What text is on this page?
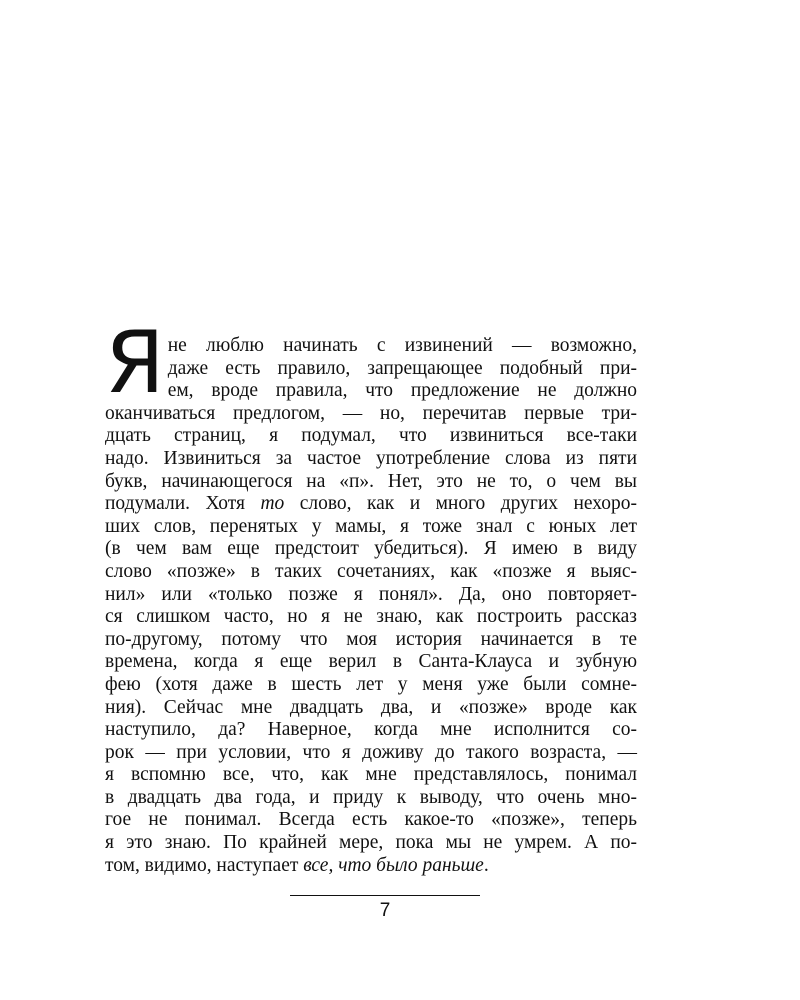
Я не люблю начинать с извинений — возможно,
даже есть правило, запрещающее подобный при-
ем, вроде правила, что предложение не должно
оканчиваться предлогом, — но, перечитав первые три-
дцать страниц, я подумал, что извиниться все-таки
надо. Извиниться за частое употребление слова из пяти
букв, начинающегося на «п». Нет, это не то, о чем вы
подумали. Хотя то слово, как и много других нехоро-
ших слов, перенятых у мамы, я тоже знал с юных лет
(в чем вам еще предстоит убедиться). Я имею в виду
слово «позже» в таких сочетаниях, как «позже я выяс-
нил» или «только позже я понял». Да, оно повторяет-
ся слишком часто, но я не знаю, как построить рассказ
по-другому, потому что моя история начинается в те
времена, когда я еще верил в Санта-Клауса и зубную
фею (хотя даже в шесть лет у меня уже были сомне-
ния). Сейчас мне двадцать два, и «позже» вроде как
наступило, да? Наверное, когда мне исполнится со-
рок — при условии, что я доживу до такого возраста, —
я вспомню все, что, как мне представлялось, понимал
в двадцать два года, и приду к выводу, что очень мно-
гое не понимал. Всегда есть какое-то «позже», теперь
я это знаю. По крайней мере, пока мы не умрем. А по-
том, видимо, наступает все, что было раньше.
7
